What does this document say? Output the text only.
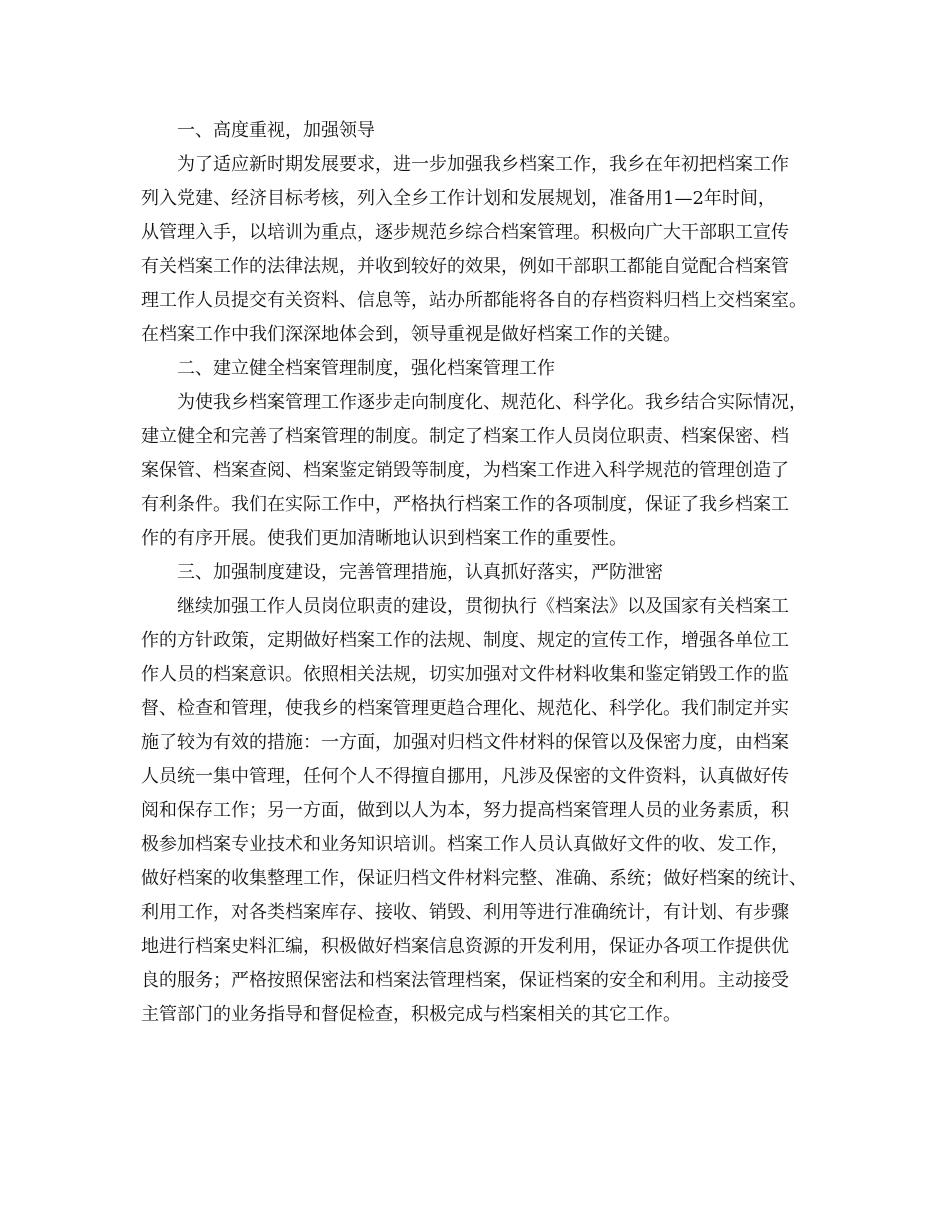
一、高度重视，加强领导
为了适应新时期发展要求，进一步加强我乡档案工作，我乡在年初把档案工作
列入党建、经济目标考核，列入全乡工作计划和发展规划，准备用1—2年时间，
从管理入手，以培训为重点，逐步规范乡综合档案管理。积极向广大干部职工宣传
有关档案工作的法律法规，并收到较好的效果，例如干部职工都能自觉配合档案管
理工作人员提交有关资料、信息等，站办所都能将各自的存档资料归档上交档案室。
在档案工作中我们深深地体会到，领导重视是做好档案工作的关键。
二、建立健全档案管理制度，强化档案管理工作
为使我乡档案管理工作逐步走向制度化、规范化、科学化。我乡结合实际情况，
建立健全和完善了档案管理的制度。制定了档案工作人员岗位职责、档案保密、档
案保管、档案查阅、档案鉴定销毁等制度，为档案工作进入科学规范的管理创造了
有利条件。我们在实际工作中，严格执行档案工作的各项制度，保证了我乡档案工
作的有序开展。使我们更加清晰地认识到档案工作的重要性。
三、加强制度建设，完善管理措施，认真抓好落实，严防泄密
继续加强工作人员岗位职责的建设，贯彻执行《档案法》以及国家有关档案工
作的方针政策，定期做好档案工作的法规、制度、规定的宣传工作，增强各单位工
作人员的档案意识。依照相关法规，切实加强对文件材料收集和鉴定销毁工作的监
督、检查和管理，使我乡的档案管理更趋合理化、规范化、科学化。我们制定并实
施了较为有效的措施：一方面，加强对归档文件材料的保管以及保密力度，由档案
人员统一集中管理，任何个人不得擅自挪用，凡涉及保密的文件资料，认真做好传
阅和保存工作；另一方面，做到以人为本，努力提高档案管理人员的业务素质，积
极参加档案专业技术和业务知识培训。档案工作人员认真做好文件的收、发工作，
做好档案的收集整理工作，保证归档文件材料完整、准确、系统；做好档案的统计、
利用工作，对各类档案库存、接收、销毁、利用等进行准确统计，有计划、有步骤
地进行档案史料汇编，积极做好档案信息资源的开发利用，保证办各项工作提供优
良的服务；严格按照保密法和档案法管理档案，保证档案的安全和利用。主动接受
主管部门的业务指导和督促检查，积极完成与档案相关的其它工作。
